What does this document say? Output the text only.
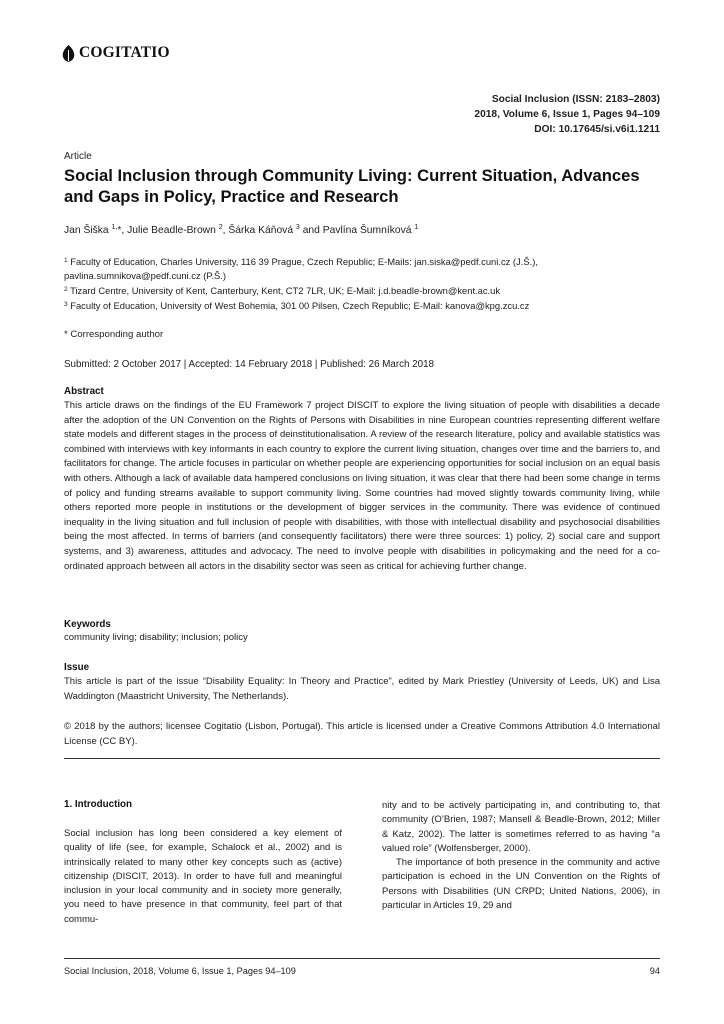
COGITATIO
Social Inclusion (ISSN: 2183–2803)
2018, Volume 6, Issue 1, Pages 94–109
DOI: 10.17645/si.v6i1.1211
Article
Social Inclusion through Community Living: Current Situation, Advances and Gaps in Policy, Practice and Research
Jan Šiška $^{1,}$*, Julie Beadle-Brown $^2$, Šárka Káňová $^3$ and Pavlína Šumníková $^1$

$^1$ Faculty of Education, Charles University, 116 39 Prague, Czech Republic; E-Mails: jan.siska@pedf.cuni.cz (J.Š.), pavlina.sumnikova@pedf.cuni.cz (P.Š.)

$^2$ Tizard Centre, University of Kent, Canterbury, Kent, CT2 7LR, UK; E-Mail: j.d.beadle-brown@kent.ac.uk

$^3$ Faculty of Education, University of West Bohemia, 301 00 Pilsen, Czech Republic; E-Mail: kanova@kpg.zcu.cz

* Corresponding author
Submitted: 2 October 2017 | Accepted: 14 February 2018 | Published: 26 March 2018
Abstract
This article draws on the findings of the EU Framework 7 project DISCIT to explore the living situation of people with disabilities a decade after the adoption of the UN Convention on the Rights of Persons with Disabilities in nine European countries representing different welfare state models and different stages in the process of deinstitutionalisation. A review of the research literature, policy and available statistics was combined with interviews with key informants in each country to explore the current living situation, changes over time and the barriers to, and facilitators for change. The article focuses in particular on whether people are experiencing opportunities for social inclusion on an equal basis with others. Although a lack of available data hampered conclusions on living situation, it was clear that there had been some change in terms of policy and funding streams available to support community living. Some countries had moved slightly towards community living, while others reported more people in institutions or the development of bigger services in the community. There was evidence of continued inequality in the living situation and full inclusion of people with disabilities, with those with intellectual disability and psychosocial disabilities being the most affected. In terms of barriers (and consequently facilitators) there were three sources: 1) policy, 2) social care and support systems, and 3) awareness, attitudes and advocacy. The need to involve people with disabilities in policymaking and the need for a co-ordinated approach between all actors in the disability sector was seen as critical for achieving further change.
Keywords
community living; disability; inclusion; policy
Issue
This article is part of the issue “Disability Equality: In Theory and Practice”, edited by Mark Priestley (University of Leeds, UK) and Lisa Waddington (Maastricht University, The Netherlands).
© 2018 by the authors; licensee Cogitatio (Lisbon, Portugal). This article is licensed under a Creative Commons Attribution 4.0 International License (CC BY).
1. Introduction

Social inclusion has long been considered a key element of quality of life (see, for example, Schalock et al., 2002) and is intrinsically related to many other key concepts such as (active) citizenship (DISCIT, 2013). In order to have full and meaningful inclusion in your local community and in society more generally, you need to have presence in that community, feel part of that commu-

nity and to be actively participating in, and contributing to, that community (O’Brien, 1987; Mansell & Beadle-Brown, 2012; Miller & Katz, 2002). The latter is sometimes referred to as having “a valued role” (Wolfensberger, 2000).

The importance of both presence in the community and active participation is echoed in the UN Convention on the Rights of Persons with Disabilities (UN CRPD; United Nations, 2006), in particular in Articles 19, 29 and

Social Inclusion, 2018, Volume 6, Issue 1, Pages 94–109	94
